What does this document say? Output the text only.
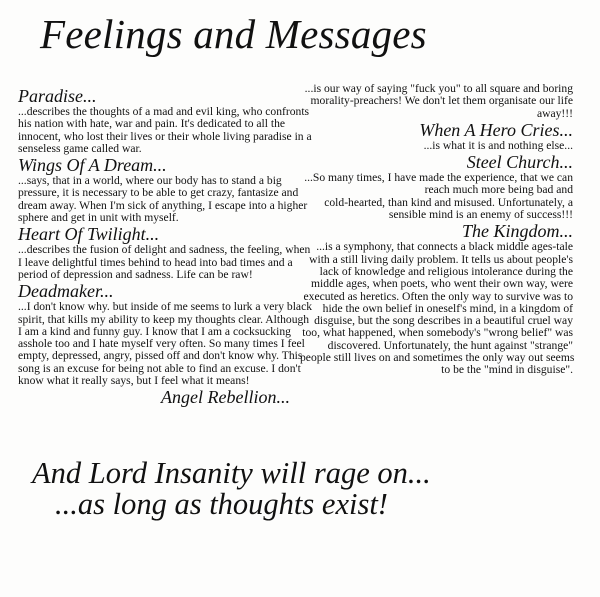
Feelings and Messages
Paradise...
...describes the thoughts of a mad and evil king, who confronts
his nation with hate, war and pain. It's dedicated to all the
innocent, who lost their lives or their whole living paradise in a
senseless game called war.
Wings Of A Dream...
...says, that in a world, where our body has to stand a big
pressure, it is necessary to be able to get crazy, fantasize and
dream away. When I'm sick of anything, I escape into a higher
sphere and get in unit with myself.
Heart Of Twilight...
...describes the fusion of delight and sadness, the feeling, when
I leave delightful times behind to head into bad times and a
period of depression and sadness. Life can be raw!
Deadmaker...
...I don't know why. but inside of me seems to lurk a very black
spirit, that kills my ability to keep my thoughts clear. Although
I am a kind and funny guy. I know that I am a cocksucking
asshole too and I hate myself very often. So many times I feel
empty, depressed, angry, pissed off and don't know why. This
song is an excuse for being not able to find an excuse. I don't
know what it really says, but I feel what it means!
Angel Rebellion...
...is our way of saying "fuck you" to all square and boring
morality-preachers! We don't let them organisate our life
away!!!
When A Hero Cries...
...is what it is and nothing else...
Steel Church...
...So many times, I have made the experience, that we can
reach much more being bad and
cold-hearted, than kind and misused. Unfortunately, a
sensible mind is an enemy of success!!!
The Kingdom...
...is a symphony, that connects a black middle ages-tale
with a still living daily problem. It tells us about people's
lack of knowledge and religious intolerance during the
middle ages, when poets, who went their own way, were
executed as heretics. Often the only way to survive was to
hide the own belief in oneself's mind, in a kingdom of
disguise, but the song describes in a beautiful cruel way
too, what happened, when somebody's "wrong belief" was
discovered. Unfortunately, the hunt against "strange"
people still lives on and sometimes the only way out seems
to be the "mind in disguise".
And Lord Insanity will rage on...
...as long as thoughts exist!
